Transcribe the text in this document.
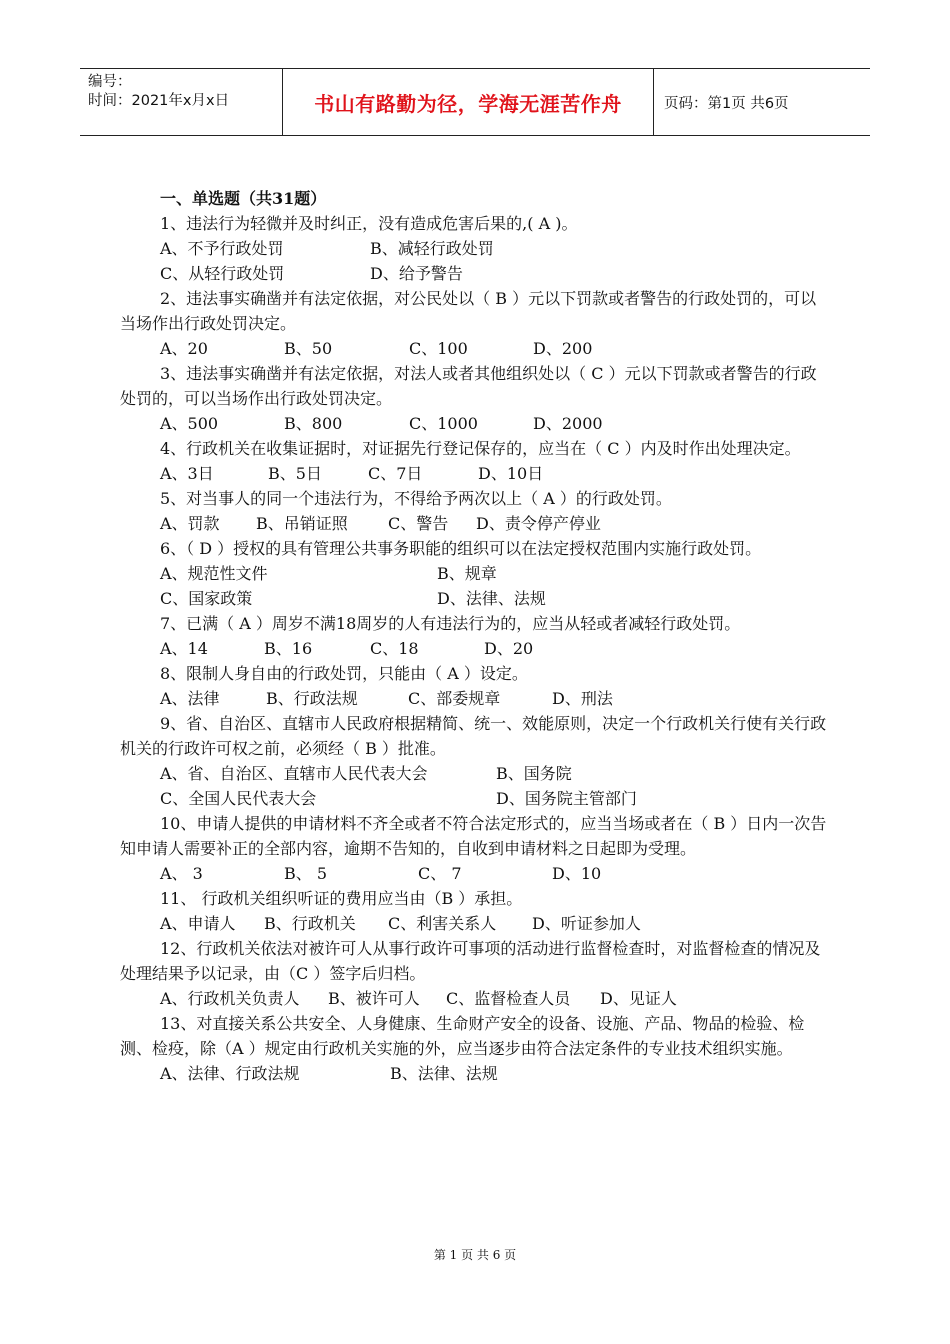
编号：
时间：2021年x月x日	书山有路勤为径，学海无涯苦作舟	页码：第1页 共6页
一、单选题（共31题）
1、违法行为轻微并及时纠正，没有造成危害后果的,( A )。
A、不予行政处罚	B、减轻行政处罚
C、从轻行政处罚	D、给予警告
2、违法事实确凿并有法定依据，对公民处以（ B ）元以下罚款或者警告的行政处罚的，可以当场作出行政处罚决定。
A、20	B、50	C、100	D、200
3、违法事实确凿并有法定依据，对法人或者其他组织处以（ C ）元以下罚款或者警告的行政处罚的，可以当场作出行政处罚决定。
A、500	B、800	C、1000	D、2000
4、行政机关在收集证据时，对证据先行登记保存的，应当在（ C ）内及时作出处理决定。
A、3日	B、5日	C、7日	D、10日
5、对当事人的同一个违法行为，不得给予两次以上（ A ）的行政处罚。
A、罚款 B、吊销证照	C、警告 D、责令停产停业
6、（ D ）授权的具有管理公共事务职能的组织可以在法定授权范围内实施行政处罚。
A、规范性文件	B、规章
C、国家政策	D、法律、法规
7、已满（ A ）周岁不满18周岁的人有违法行为的，应当从轻或者减轻行政处罚。
A、14	B、16	C、18	D、20
8、限制人身自由的行政处罚，只能由（ A ）设定。
A、法律	B、行政法规	C、部委规章	D、刑法
9、省、自治区、直辖市人民政府根据精简、统一、效能原则，决定一个行政机关行使有关行政机关的行政许可权之前，必须经（ B ）批准。
A、省、自治区、直辖市人民代表大会	B、国务院
C、全国人民代表大会	D、国务院主管部门
10、申请人提供的申请材料不齐全或者不符合法定形式的，应当当场或者在（ B ）日内一次告知申请人需要补正的全部内容，逾期不告知的，自收到申请材料之日起即为受理。
A、 3	B、 5	C、 7	D、10
11、 行政机关组织听证的费用应当由（B ）承担。
A、申请人 B、行政机关 C、利害关系人 D、听证参加人
12、行政机关依法对被许可人从事行政许可事项的活动进行监督检查时，对监督检查的情况及处理结果予以记录，由（C ）签字后归档。
A、行政机关负责人 B、被许可人 C、监督检查人员 D、见证人
13、对直接关系公共安全、人身健康、生命财产安全的设备、设施、产品、物品的检验、检测、检疫，除（A ）规定由行政机关实施的外，应当逐步由符合法定条件的专业技术组织实施。
A、法律、行政法规	B、法律、法规
第 1 页 共 6 页
